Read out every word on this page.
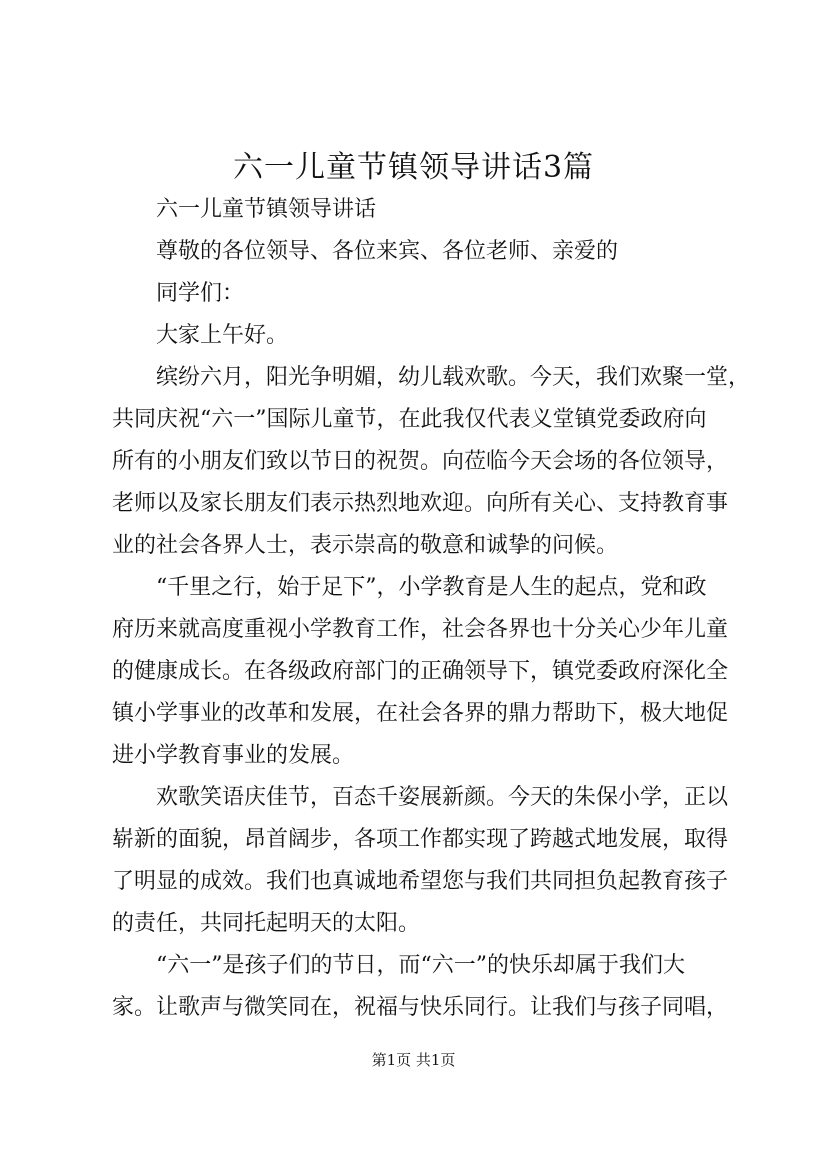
六一儿童节镇领导讲话3篇

六一儿童节镇领导讲话

尊敬的各位领导、各位来宾、各位老师、亲爱的

同学们：

大家上午好。

缤纷六月，阳光争明媚，幼儿载欢歌。今天，我们欢聚一堂，

共同庆祝“六一”国际儿童节，在此我仅代表义堂镇党委政府向

所有的小朋友们致以节日的祝贺。向莅临今天会场的各位领导，

老师以及家长朋友们表示热烈地欢迎。向所有关心、支持教育事

业的社会各界人士，表示崇高的敬意和诚挚的问候。

“千里之行，始于足下”，小学教育是人生的起点，党和政

府历来就高度重视小学教育工作，社会各界也十分关心少年儿童

的健康成长。在各级政府部门的正确领导下，镇党委政府深化全

镇小学事业的改革和发展，在社会各界的鼎力帮助下，极大地促

进小学教育事业的发展。

欢歌笑语庆佳节，百态千姿展新颜。今天的朱保小学，正以

崭新的面貌，昂首阔步，各项工作都实现了跨越式地发展，取得

了明显的成效。我们也真诚地希望您与我们共同担负起教育孩子

的责任，共同托起明天的太阳。

“六一”是孩子们的节日，而“六一”的快乐却属于我们大

家。让歌声与微笑同在，祝福与快乐同行。让我们与孩子同唱，

第1页 共1页
